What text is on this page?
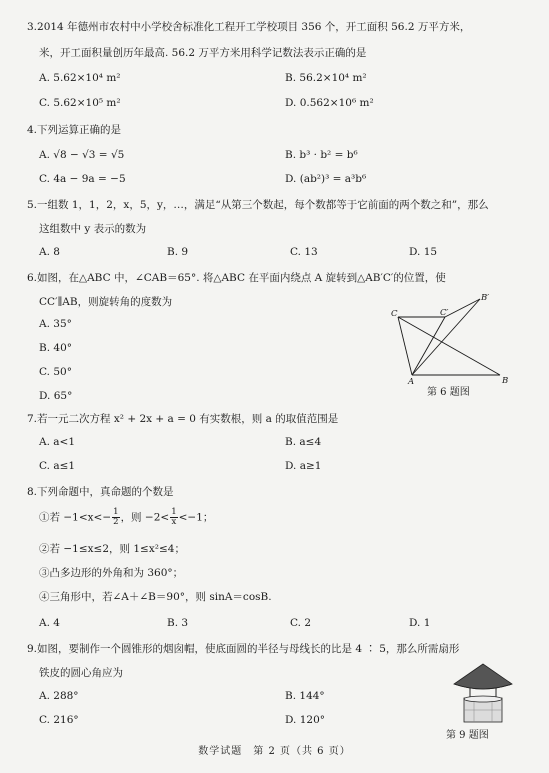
3.2014 年德州市农村中小学校舍标准化工程开工学校项目 356 个，开工面积 56.2 万平方米，
米，开工面积量创历年最高. 56.2 万平方米用科学记数法表示正确的是
A. 5.62×10⁴ m²	B. 56.2×10⁴ m²
C. 5.62×10⁵ m²	D. 0.562×10⁶ m²
4.下列运算正确的是
A. √8 − √3 = √5	B. b³ · b² = b⁶
C. 4a − 9a = −5	D. (ab²)³ = a³b⁶
5.一组数 1，1，2，x，5，y，…，满足“从第三个数起，每个数都等于它前面的两个数之和”，那么
这组数中 y 表示的数为
A. 8	B. 9	C. 13	D. 15
6.如图，在△ABC 中，∠CAB＝65°. 将△ABC 在平面内绕点 A 旋转到△AB′C′的位置，使
CC′∥AB，则旋转角的度数为
A. 35°
B. 40°
C. 50°
D. 65°
B′
C	C′
A	B
第 6 题图
7.若一元二次方程 x² + 2x + a = 0 有实数根，则 a 的取值范围是
A. a<1	B. a≤4
C. a≤1	D. a≥1
8.下列命题中，真命题的个数是
①若 $-1<x<- \frac{1}{2}$ ，则 $-2< \frac{1}{x} <-1$；
②若 −1≤x≤2，则 1≤x²≤4；
③凸多边形的外角和为 360°；
④三角形中，若∠A＋∠B＝90°，则 sinA＝cosB.
A. 4	B. 3	C. 2	D. 1
9.如图，要制作一个圆锥形的烟囱帽，使底面圆的半径与母线长的比是 4 ∶ 5，那么所需扇形
铁皮的圆心角应为
A. 288°	B. 144°
C. 216°	D. 120°
第 9 题图
数学试题　第 2 页（共 6 页）
